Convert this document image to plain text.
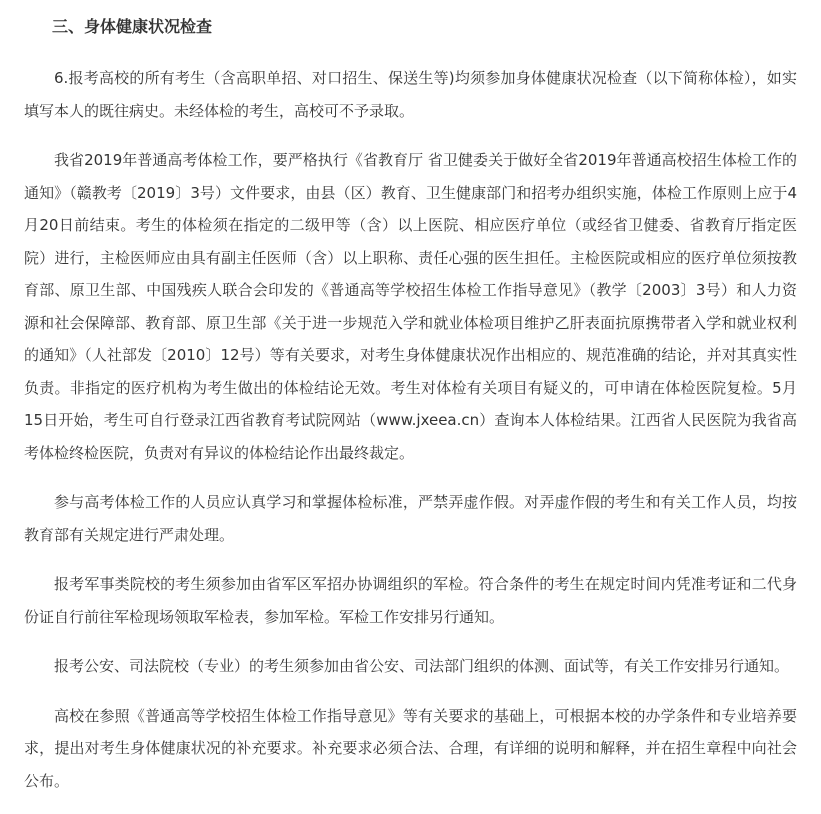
三、身体健康状况检查

6.报考高校的所有考生（含高职单招、对口招生、保送生等)均须参加身体健康状况检查（以下简称体检），如实填写本人的既往病史。未经体检的考生，高校可不予录取。

我省2019年普通高考体检工作，要严格执行《省教育厅 省卫健委关于做好全省2019年普通高校招生体检工作的通知》（赣教考〔2019〕3号）文件要求，由县（区）教育、卫生健康部门和招考办组织实施，体检工作原则上应于4月20日前结束。考生的体检须在指定的二级甲等（含）以上医院、相应医疗单位（或经省卫健委、省教育厅指定医院）进行，主检医师应由具有副主任医师（含）以上职称、责任心强的医生担任。主检医院或相应的医疗单位须按教育部、原卫生部、中国残疾人联合会印发的《普通高等学校招生体检工作指导意见》（教学〔2003〕3号）和人力资源和社会保障部、教育部、原卫生部《关于进一步规范入学和就业体检项目维护乙肝表面抗原携带者入学和就业权利的通知》（人社部发〔2010〕12号）等有关要求，对考生身体健康状况作出相应的、规范准确的结论，并对其真实性负责。非指定的医疗机构为考生做出的体检结论无效。考生对体检有关项目有疑义的，可申请在体检医院复检。5月15日开始，考生可自行登录江西省教育考试院网站（www.jxeea.cn）查询本人体检结果。江西省人民医院为我省高考体检终检医院，负责对有异议的体检结论作出最终裁定。

参与高考体检工作的人员应认真学习和掌握体检标准，严禁弄虚作假。对弄虚作假的考生和有关工作人员，均按教育部有关规定进行严肃处理。

报考军事类院校的考生须参加由省军区军招办协调组织的军检。符合条件的考生在规定时间内凭准考证和二代身份证自行前往军检现场领取军检表，参加军检。军检工作安排另行通知。

报考公安、司法院校（专业）的考生须参加由省公安、司法部门组织的体测、面试等，有关工作安排另行通知。

高校在参照《普通高等学校招生体检工作指导意见》等有关要求的基础上，可根据本校的办学条件和专业培养要求，提出对考生身体健康状况的补充要求。补充要求必须合法、合理，有详细的说明和解释，并在招生章程中向社会公布。
